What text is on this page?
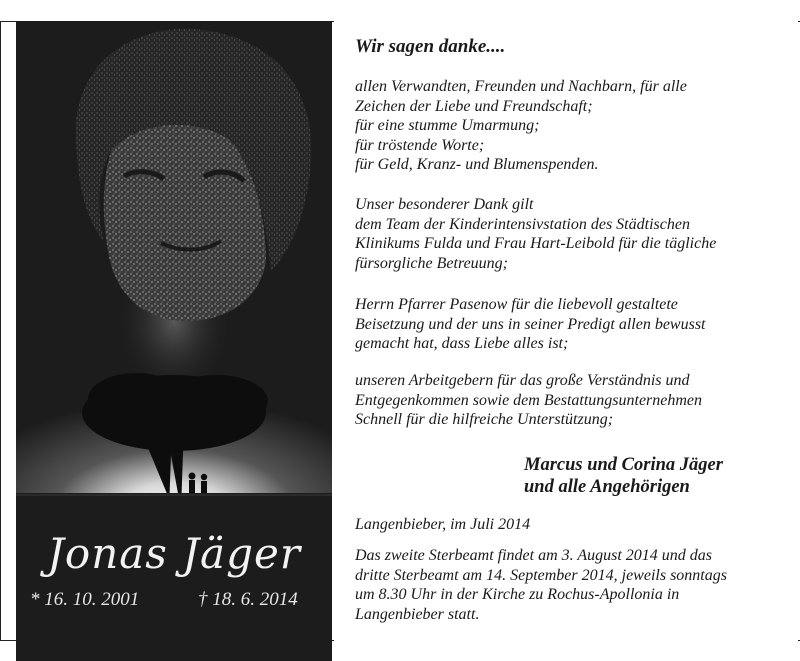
Jonas Jäger
* 16. 10. 2001	† 18. 6. 2014
Wir sagen danke....
allen Verwandten, Freunden und Nachbarn, für alle
Zeichen der Liebe und Freundschaft;
für eine stumme Umarmung;
für tröstende Worte;
für Geld, Kranz- und Blumenspenden.
Unser besonderer Dank gilt
dem Team der Kinderintensivstation des Städtischen
Klinikums Fulda und Frau Hart-Leibold für die tägliche
fürsorgliche Betreuung;
Herrn Pfarrer Pasenow für die liebevoll gestaltete
Beisetzung und der uns in seiner Predigt allen bewusst
gemacht hat, dass Liebe alles ist;
unseren Arbeitgebern für das große Verständnis und
Entgegenkommen sowie dem Bestattungsunternehmen
Schnell für die hilfreiche Unterstützung;
Marcus und Corina Jäger
und alle Angehörigen
Langenbieber, im Juli 2014
Das zweite Sterbeamt findet am 3. August 2014 und das
dritte Sterbeamt am 14. September 2014, jeweils sonntags
um 8.30 Uhr in der Kirche zu Rochus-Apollonia in
Langenbieber statt.
